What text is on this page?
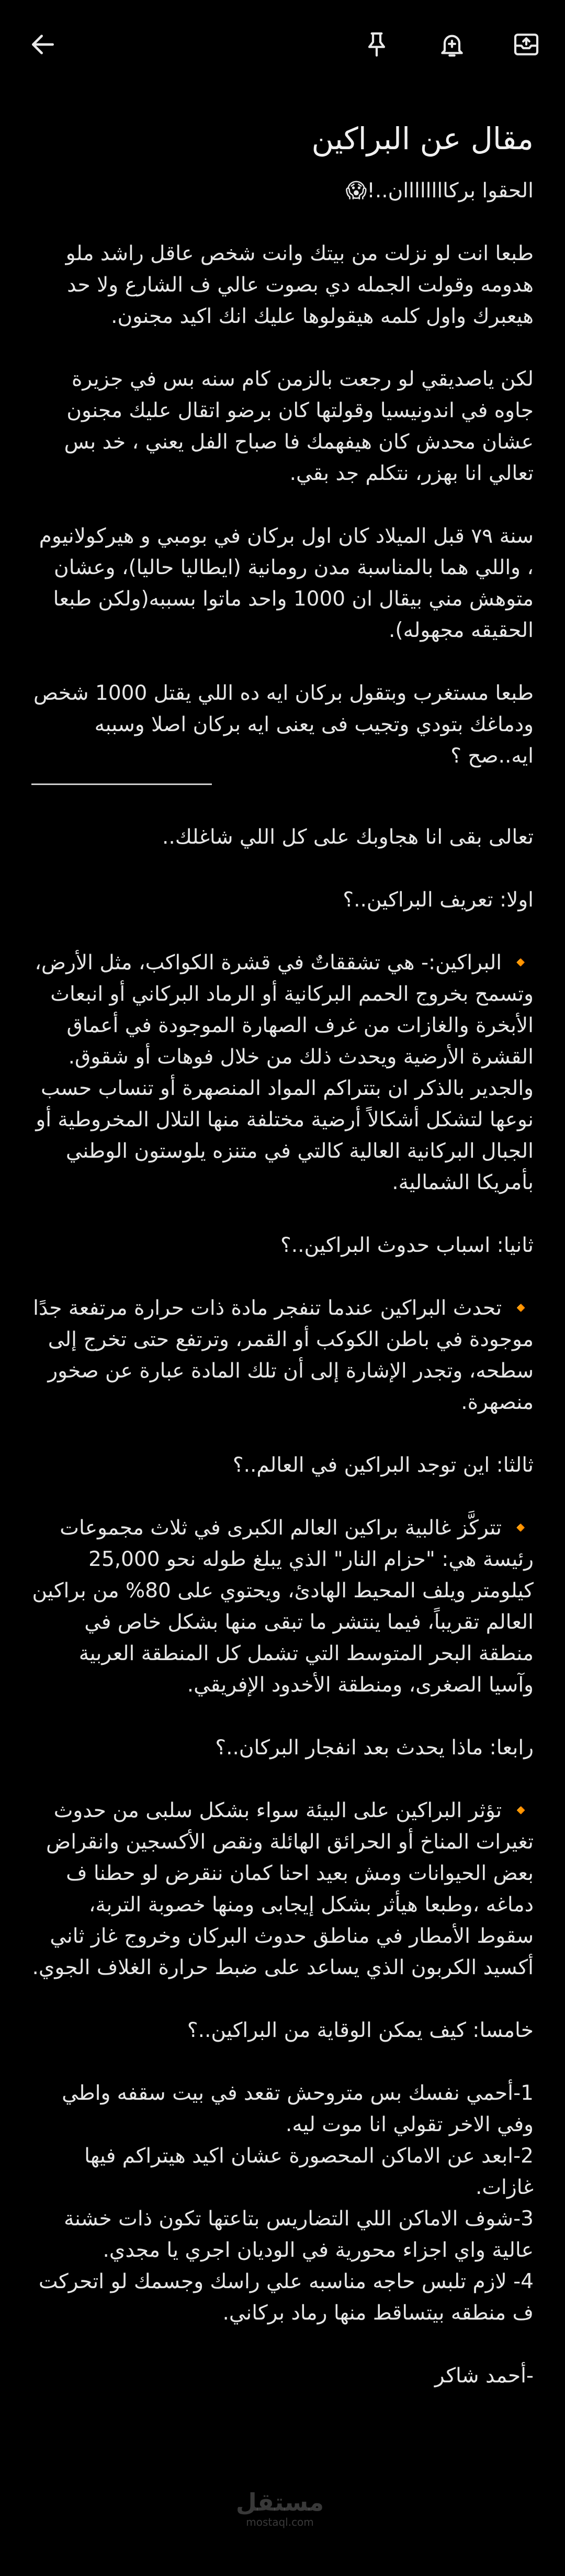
مقال عن البراكين

الحقوا بركاااااااان..!😱

طبعا انت لو نزلت من بيتك وانت شخص عاقل راشد ملو هدومه وقولت الجمله دي بصوت عالي ف الشارع ولا حد هيعبرك واول كلمه هيقولوها عليك انك اكيد مجنون.

لكن ياصديقي لو رجعت بالزمن كام سنه بس في جزيرة جاوه في اندونيسيا وقولتها كان برضو اتقال عليك مجنون عشان محدش كان هيفهمك فا صباح الفل يعني ، خد بس تعالي انا بهزر، نتكلم جد بقي.

سنة ٧٩ قبل الميلاد كان اول بركان في بومبي و هيركولانيوم ، واللي هما بالمناسبة مدن رومانية (ايطاليا حاليا)، وعشان متوهش مني بيقال ان 1000 واحد ماتوا بسببه(ولكن طبعا الحقيقه مجهوله).

طبعا مستغرب وبتقول بركان ايه ده اللي يقتل 1000 شخص ودماغك بتودي وتجيب فى يعنى ايه بركان اصلا وسببه ايه..صح ؟

تعالى بقى انا هجاوبك على كل اللي شاغلك..

اولا: تعريف البراكين..؟

🔸 البراكين:- هي تشققاتٌ في قشرة الكواكب، مثل الأرض، وتسمح بخروج الحمم البركانية أو الرماد البركاني أو انبعاث الأبخرة والغازات من غرف الصهارة الموجودة في أعماق القشرة الأرضية ويحدث ذلك من خلال فوهات أو شقوق. والجدير بالذكر ان بتتراكم المواد المنصهرة أو تنساب حسب نوعها لتشكل أشكالاً أرضية مختلفة منها التلال المخروطية أو الجبال البركانية العالية كالتي في متنزه يلوستون الوطني بأمريكا الشمالية.

ثانيا: اسباب حدوث البراكين..؟

🔸 تحدث البراكين عندما تنفجر مادة ذات حرارة مرتفعة جدًا موجودة في باطن الكوكب أو القمر، وترتفع حتى تخرج إلى سطحه، وتجدر الإشارة إلى أن تلك المادة عبارة عن صخور منصهرة.

ثالثا: اين توجد البراكين في العالم..؟

🔸 تتركَّز غالبية براكين العالم الكبرى في ثلاث مجموعات رئيسة هي: "حزام النار" الذي يبلغ طوله نحو 25,000 كيلومتر ويلف المحيط الهادئ، ويحتوي على 80% من براكين العالم تقريباً، فيما ينتشر ما تبقى منها بشكل خاص في منطقة البحر المتوسط التي تشمل كل المنطقة العربية وآسيا الصغرى، ومنطقة الأخدود الإفريقي.

رابعا: ماذا يحدث بعد انفجار البركان..؟

🔸 تؤثر البراكين على البيئة سواء بشكل سلبى من حدوث تغيرات المناخ أو الحرائق الهائلة ونقص الأكسجين وانقراض بعض الحيوانات ومش بعيد احنا كمان ننقرض لو حطنا ف دماغه ،وطبعا هيأثر بشكل إيجابى ومنها خصوبة التربة، سقوط الأمطار في مناطق حدوث البركان وخروج غاز ثاني أكسيد الكربون الذي يساعد على ضبط حرارة الغلاف الجوي.

خامسا: كيف يمكن الوقاية من البراكين..؟

1-أحمي نفسك بس متروحش تقعد في بيت سقفه واطي وفي الاخر تقولي انا موت ليه.

2-ابعد عن الاماكن المحصورة عشان اكيد هيتراكم فيها غازات.

3-شوف الاماكن اللي التضاريس بتاعتها تكون ذات خشنة عالية واي اجزاء محورية في الوديان اجري يا مجدي.

4- لازم تلبس حاجه مناسبه علي راسك وجسمك لو اتحركت ف منطقه بيتساقط منها رماد بركاني.

-أحمد شاكر

مستقل
mostaql.com
